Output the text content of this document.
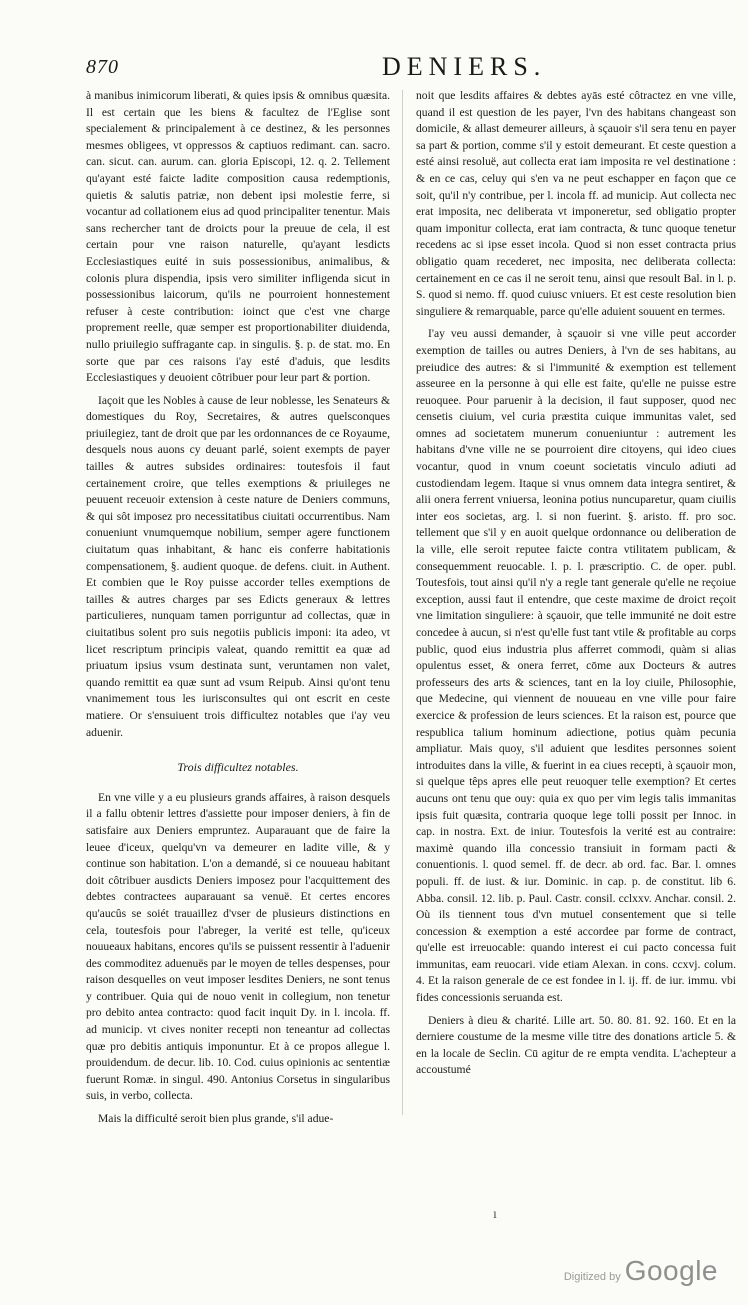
870	DENIERS.

à manibus inimicorum liberati, & quies ipsis & omnibus quæsita. Il est certain que les biens & facultez de l'Eglise sont specialement & principalement à ce destinez, & les personnes mesmes obligees, vt oppressos & captiuos redimant. can. sacro. can. sicut. can. aurum. can. gloria Episcopi, 12. q. 2. Tellement qu'ayant esté faicte ladite composition causa redemptionis, quietis & salutis patriæ, non debent ipsi molestie ferre, si vocantur ad collationem eius ad quod principaliter tenentur. Mais sans rechercher tant de droicts pour la preuue de cela, il est certain pour vne raison naturelle, qu'ayant lesdicts Ecclesiastiques euité in suis possessionibus, animalibus, & colonis plura dispendia, ipsis vero similiter infligenda sicut in possessionibus laicorum, qu'ils ne pourroient honnestement refuser à ceste contribution: ioinct que c'est vne charge proprement reelle, quæ semper est proportionabiliter diuidenda, nullo priuilegio suffragante cap. in singulis. §. p. de stat. mo. En sorte que par ces raisons i'ay esté d'aduis, que lesdits Ecclesiastiques y deuoient côtribuer pour leur part & portion.

Iaçoit que les Nobles à cause de leur noblesse, les Senateurs & domestiques du Roy, Secretaires, & autres quelsconques priuilegiez, tant de droit que par les ordonnances de ce Royaume, desquels nous auons cy deuant parlé, soient exempts de payer tailles & autres subsides ordinaires: toutesfois il faut certainement croire, que telles exemptions & priuileges ne peuuent receuoir extension à ceste nature de Deniers communs, & qui sôt imposez pro necessitatibus ciuitati occurrentibus. Nam conueniunt vnumquemque nobilium, semper agere functionem ciuitatum quas inhabitant, & hanc eis conferre habitationis compensationem, §. audient quoque. de defens. ciuit. in Authent. Et combien que le Roy puisse accorder telles exemptions de tailles & autres charges par ses Edicts generaux & lettres particulieres, nunquam tamen porriguntur ad collectas, quæ in ciuitatibus solent pro suis negotiis publicis imponi: ita adeo, vt licet rescriptum principis valeat, quando remittit ea quæ ad priuatum ipsius vsum destinata sunt, veruntamen non valet, quando remittit ea quæ sunt ad vsum Reipub. Ainsi qu'ont tenu vnanimement tous les iurisconsultes qui ont escrit en ceste matiere. Or s'ensuiuent trois difficultez notables que i'ay veu aduenir.

Trois difficultez notables.

En vne ville y a eu plusieurs grands affaires, à raison desquels il a fallu obtenir lettres d'assiette pour imposer deniers, à fin de satisfaire aux Deniers empruntez. Auparauant que de faire la leuee d'iceux, quelqu'vn va demeurer en ladite ville, & y continue son habitation. L'on a demandé, si ce nouueau habitant doit côtribuer ausdicts Deniers imposez pour l'acquittement des debtes contractees auparauant sa venuë. Et certes encores qu'aucûs se soiét trauaillez d'vser de plusieurs distinctions en cela, toutesfois pour l'abreger, la verité est telle, qu'iceux nouueaux habitans, encores qu'ils se puissent ressentir à l'aduenir des commoditez aduenuës par le moyen de telles despenses, pour raison desquelles on veut imposer lesdites Deniers, ne sont tenus y contribuer. Quia qui de nouo venit in collegium, non tenetur pro debito antea contracto: quod facit inquit Dy. in l. incola. ff. ad municip. vt cives noniter recepti non teneantur ad collectas quæ pro debitis antiquis imponuntur. Et à ce propos allegue l. prouidendum. de decur. lib. 10. Cod. cuius opinionis ac sententiæ fuerunt Romæ. in singul. 490. Antonius Corsetus in singularibus suis, in verbo, collecta.

Mais la difficulté seroit bien plus grande, s'il adue-

noit que lesdits affaires & debtes ayās esté côtractez en vne ville, quand il est question de les payer, l'vn des habitans changeast son domicile, & allast demeurer ailleurs, à sçauoir s'il sera tenu en payer sa part & portion, comme s'il y estoit demeurant. Et ceste question a esté ainsi resoluë, aut collecta erat iam imposita re vel destinatione : & en ce cas, celuy qui s'en va ne peut eschapper en façon que ce soit, qu'il n'y contribue, per l. incola ff. ad municip. Aut collecta nec erat imposita, nec deliberata vt imponeretur, sed obligatio propter quam imponitur collecta, erat iam contracta, & tunc quoque tenetur recedens ac si ipse esset incola. Quod si non esset contracta prius obligatio quam recederet, nec imposita, nec deliberata collecta: certainement en ce cas il ne seroit tenu, ainsi que resoult Bal. in l. p. S. quod si nemo. ff. quod cuiusc vniuers. Et est ceste resolution bien singuliere & remarquable, parce qu'elle aduient souuent en termes.

I'ay veu aussi demander, à sçauoir si vne ville peut accorder exemption de tailles ou autres Deniers, à l'vn de ses habitans, au preiudice des autres: & si l'immunité & exemption est tellement asseuree en la personne à qui elle est faite, qu'elle ne puisse estre reuoquee. Pour paruenir à la decision, il faut supposer, quod nec censetis ciuium, vel curia præstita cuique immunitas valet, sed omnes ad societatem munerum conueniuntur : autrement les habitans d'vne ville ne se pourroient dire citoyens, qui ideo ciues vocantur, quod in vnum coeunt societatis vinculo adiuti ad custodiendam legem. Itaque si vnus omnem data integra sentiret, & alii onera ferrent vniuersa, leonina potius nuncuparetur, quam ciuilis inter eos societas, arg. l. si non fuerint. §. aristo. ff. pro soc. tellement que s'il y en auoit quelque ordonnance ou deliberation de la ville, elle seroit reputee faicte contra vtilitatem publicam, & consequemment reuocable. l. p. l. præscriptio. C. de oper. publ. Toutesfois, tout ainsi qu'il n'y a regle tant generale qu'elle ne reçoiue exception, aussi faut il entendre, que ceste maxime de droict reçoit vne limitation singuliere: à sçauoir, que telle immunité ne doit estre concedee à aucun, si n'est qu'elle fust tant vtile & profitable au corps public, quod eius industria plus afferret commodi, quàm si alias opulentus esset, & onera ferret, cōme aux Docteurs & autres professeurs des arts & sciences, tant en la loy ciuile, Philosophie, que Medecine, qui viennent de nouueau en vne ville pour faire exercice & profession de leurs sciences. Et la raison est, pource que respublica talium hominum adiectione, potius quàm pecunia ampliatur. Mais quoy, s'il aduient que lesdites personnes soient introduites dans la ville, & fuerint in ea ciues recepti, à sçauoir mon, si quelque têps apres elle peut reuoquer telle exemption? Et certes aucuns ont tenu que ouy: quia ex quo per vim legis talis immanitas ipsis fuit quæsita, contraria quoque lege tolli possit per Innoc. in cap. in nostra. Ext. de iniur. Toutesfois la verité est au contraire: maximè quando illa concessio transiuit in formam pacti & conuentionis. l. quod semel. ff. de decr. ab ord. fac. Bar. l. omnes populi. ff. de iust. & iur. Dominic. in cap. p. de constitut. lib 6. Abba. consil. 12. lib. p. Paul. Castr. consil. cclxxv. Anchar. consil. 2. Où ils tiennent tous d'vn mutuel consentement que si telle concession & exemption a esté accordee par forme de contract, qu'elle est irreuocable: quando interest ei cui pacto concessa fuit immunitas, eam reuocari. vide etiam Alexan. in cons. ccxvj. colum. 4. Et la raison generale de ce est fondee in l. ij. ff. de iur. immu. vbi fides concessionis seruanda est.

Deniers à dieu & charité. Lille art. 50. 80. 81. 92. 160. Et en la derniere coustume de la mesme ville titre des donations article 5. & en la locale de Seclin. Cū agitur de re empta vendita. L'achepteur a accoustumé

ı
Digitized by Google
